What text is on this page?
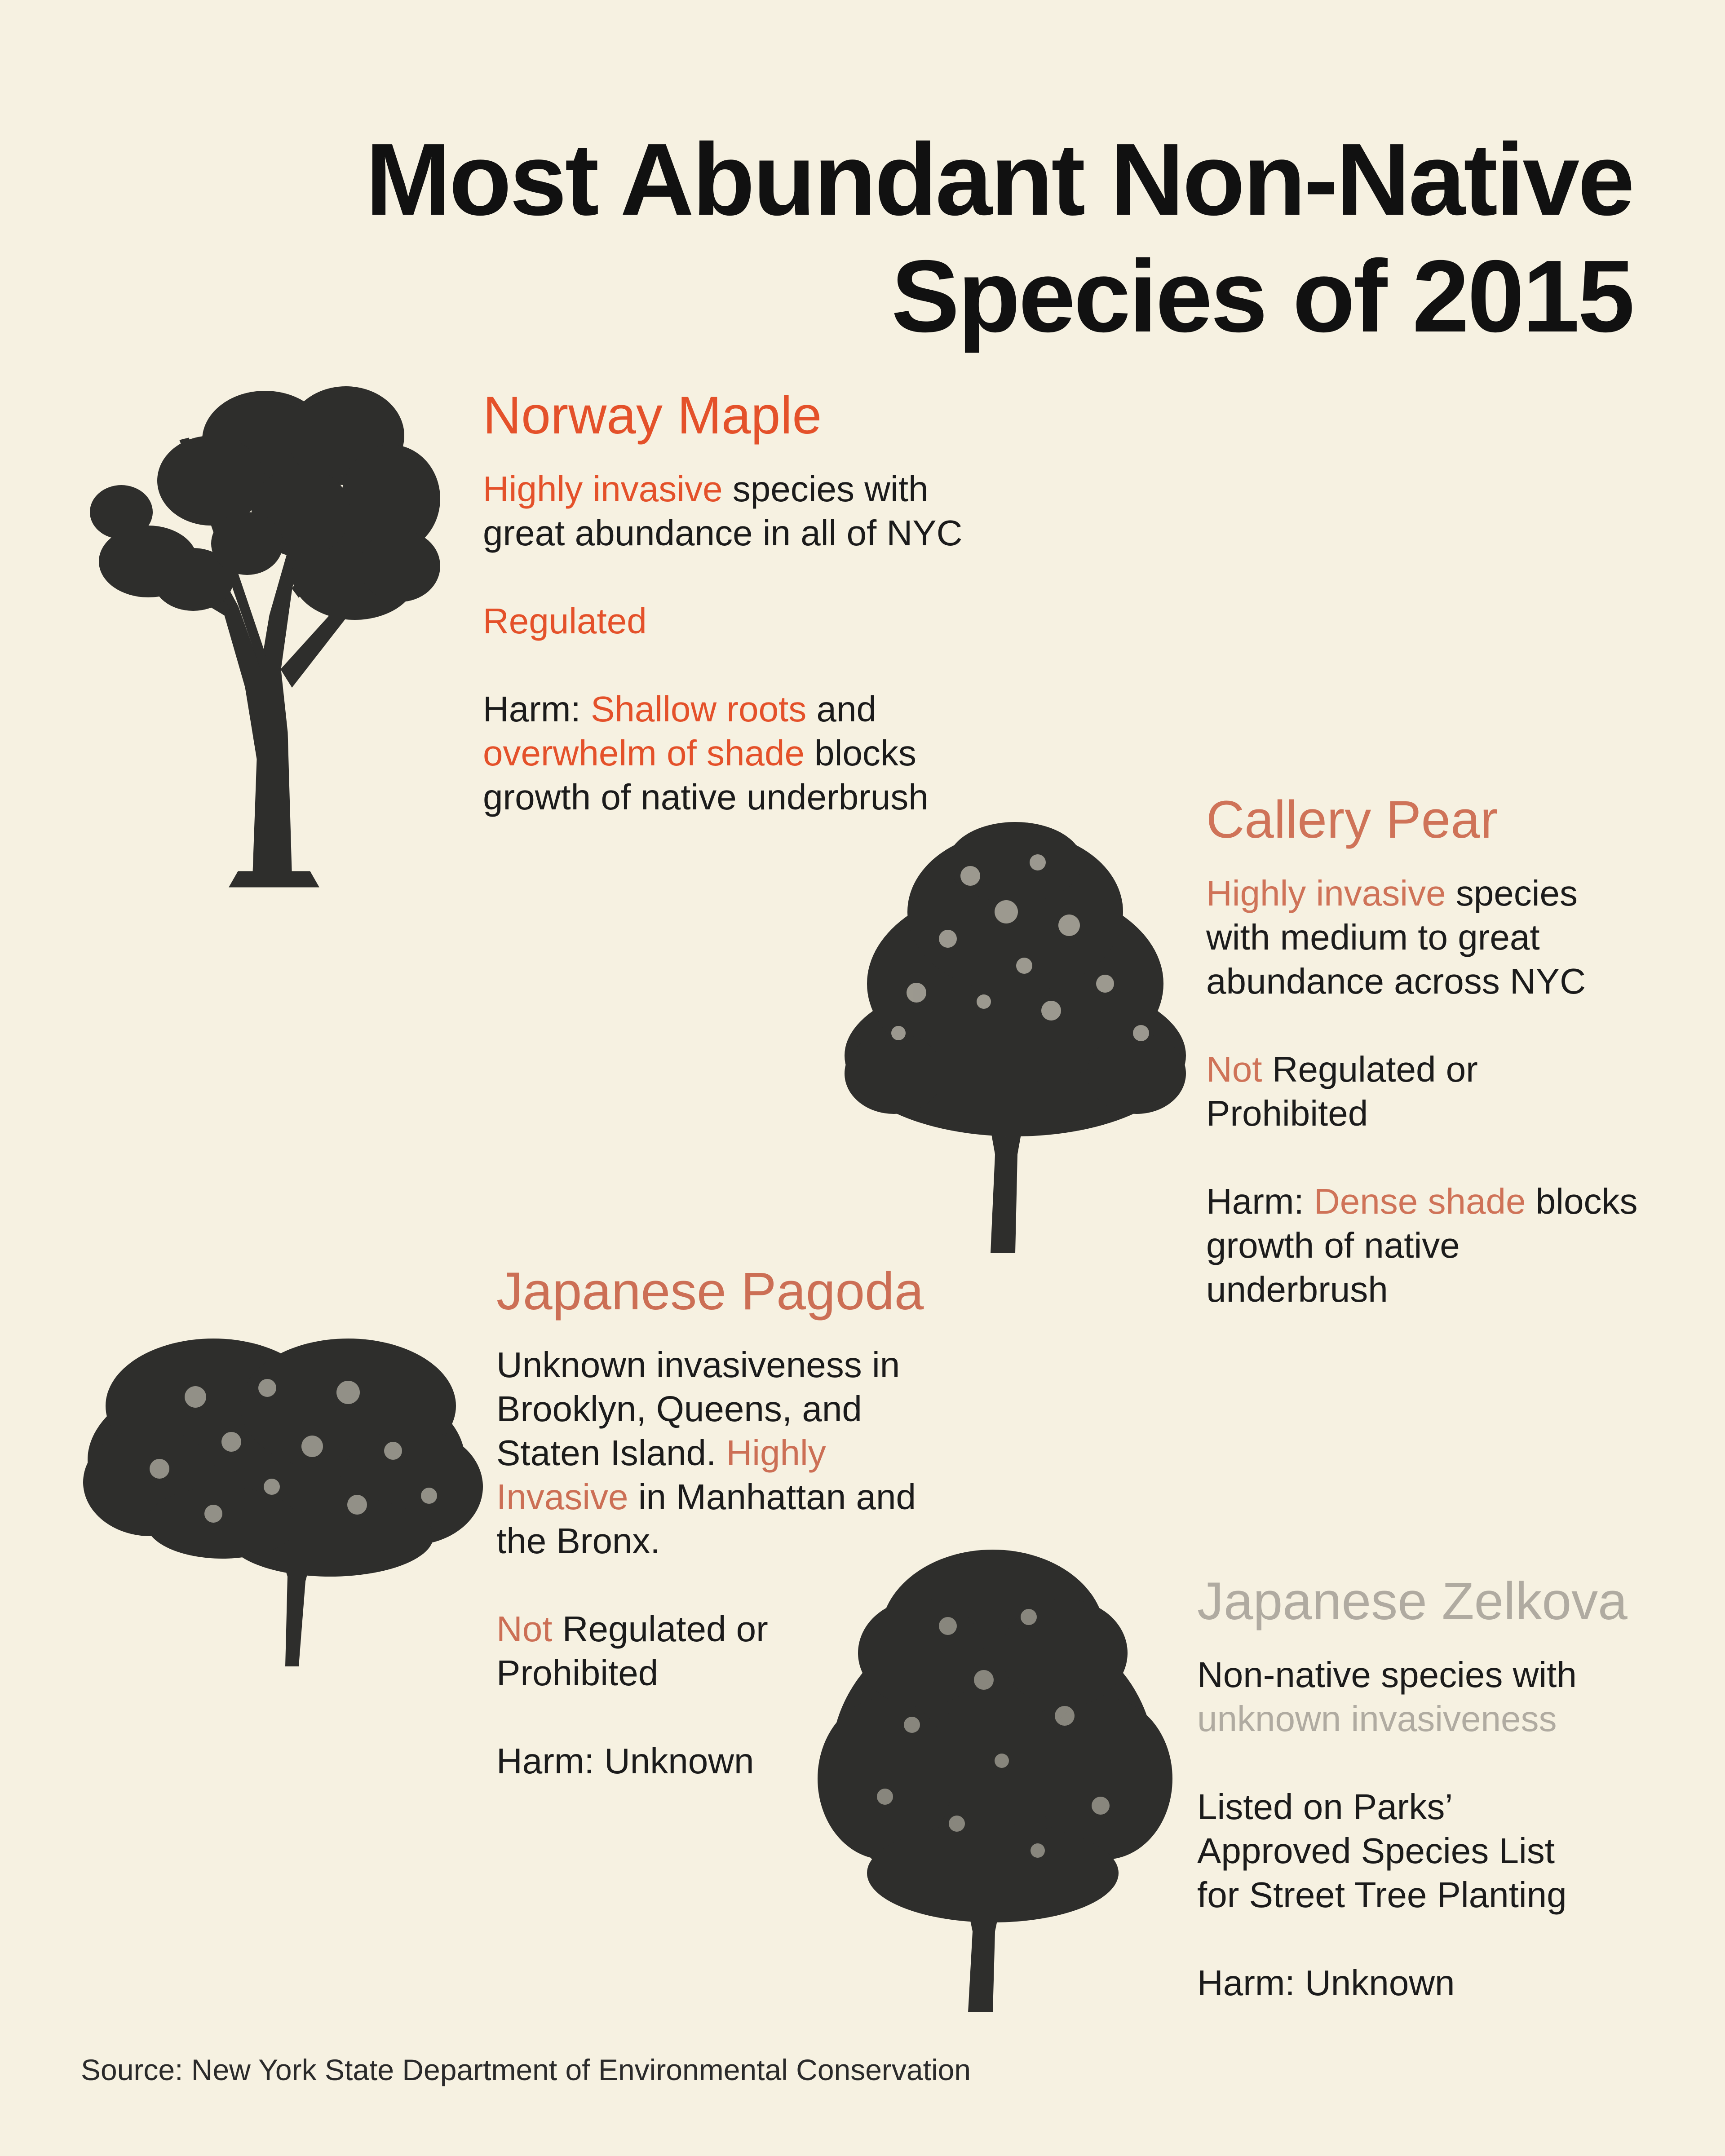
Most Abundant Non-Native
Species of 2015
Norway Maple

Highly invasive species with

great abundance in all of NYC

Regulated

Harm: Shallow roots and

overwhelm of shade blocks

growth of native underbrush	Callery Pear

Highly invasive species

with medium to great

abundance across NYC

Not Regulated or

Prohibited

Harm: Dense shade blocks

growth of native

underbrush

Japanese Pagoda

Unknown invasiveness in

Brooklyn, Queens, and

Staten Island. Highly

Invasive in Manhattan and

the Bronx.

Not Regulated or

Prohibited

Harm: Unknown

Japanese Zelkova

Non-native species with

unknown invasiveness

Listed on Parks’

Approved Species List

for Street Tree Planting

Harm: Unknown

Source: New York State Department of Environmental Conservation
